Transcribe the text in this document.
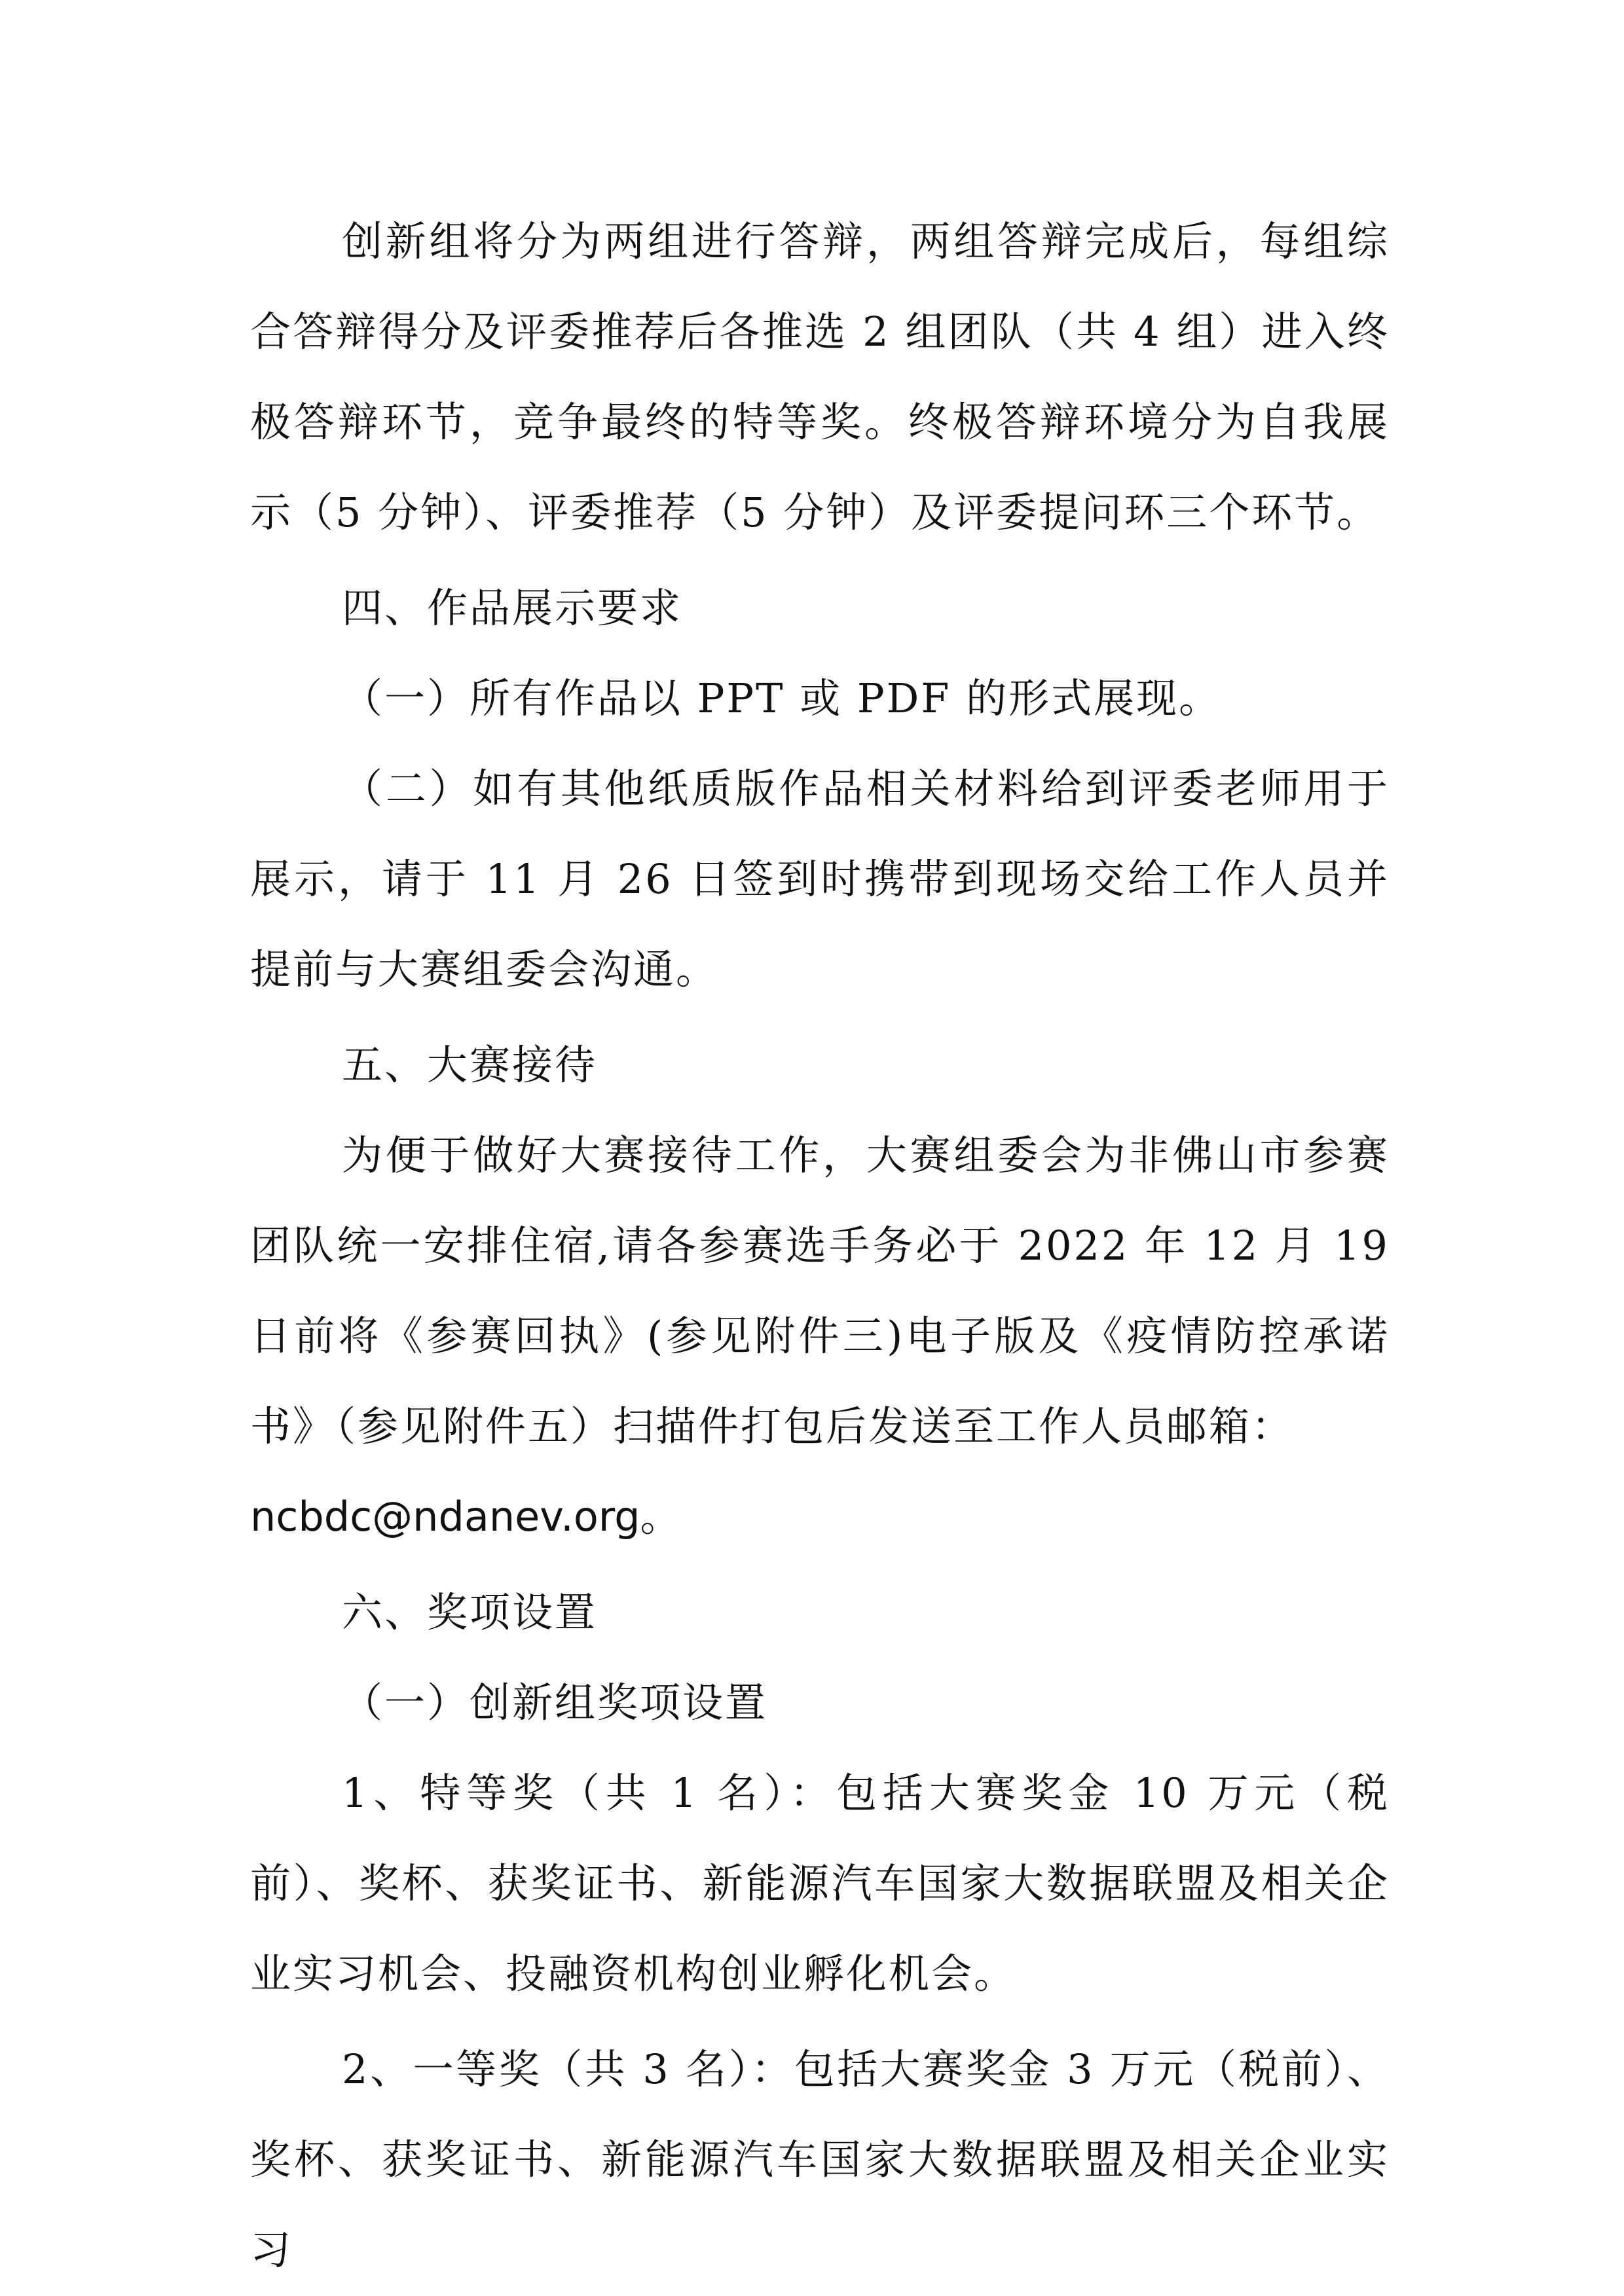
创新组将分为两组进行答辩，两组答辩完成后，每组综合答辩得分及评委推荐后各推选 2 组团队（共 4 组）进入终极答辩环节，竞争最终的特等奖。终极答辩环境分为自我展示（5 分钟）、评委推荐（5 分钟）及评委提问环三个环节。

四、作品展示要求

（一）所有作品以 PPT 或 PDF 的形式展现。

（二）如有其他纸质版作品相关材料给到评委老师用于展示，请于 11 月 26 日签到时携带到现场交给工作人员并提前与大赛组委会沟通。

五、大赛接待

为便于做好大赛接待工作，大赛组委会为非佛山市参赛团队统一安排住宿,请各参赛选手务必于 2022 年 12 月 19 日前将《参赛回执》(参见附件三)电子版及《疫情防控承诺书》（参见附件五）扫描件打包后发送至工作人员邮箱：
ncbdc@ndanev.org。

六、奖项设置

（一）创新组奖项设置

1、特等奖（共 1 名）：包括大赛奖金 10 万元（税前）、奖杯、获奖证书、新能源汽车国家大数据联盟及相关企业实习机会、投融资机构创业孵化机会。

2、一等奖（共 3 名）：包括大赛奖金 3 万元（税前）、奖杯、获奖证书、新能源汽车国家大数据联盟及相关企业实习
